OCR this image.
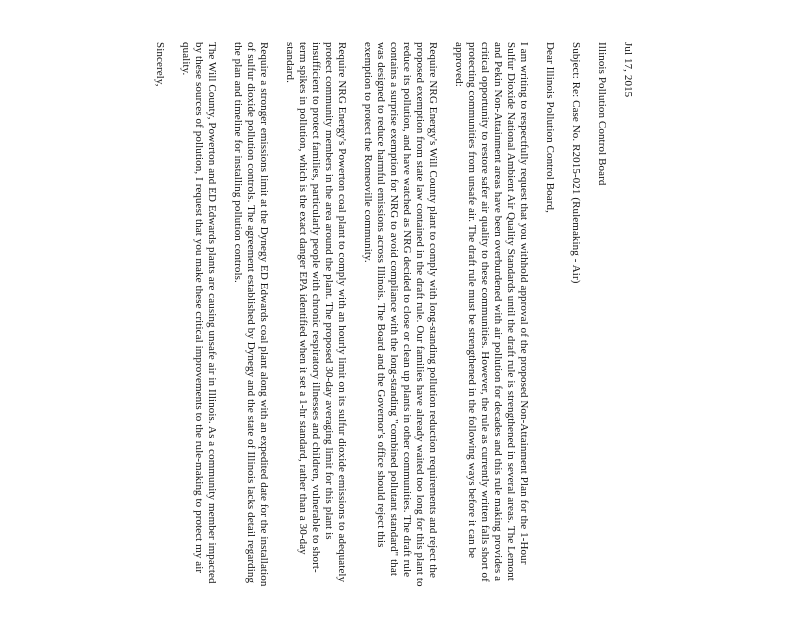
Jul 17, 2015

Illinois Pollution Control Board

Subject: Re: Case No. R2015-021 (Rulemaking - Air)

Dear Illinois Pollution Control Board,

I am writing to respectfully request that you withhold approval of the proposed Non-Attainment Plan for the 1-Hour Sulfur Dioxide National Ambient Air Quality Standards until the draft rule is strengthened in several areas. The Lemont and Pekin Non-Attainment areas have been overburdened with air pollution for decades and this rule making provides a critical opportunity to restore safer air quality to these communities. However, the rule as currently written falls short of protecting communities from unsafe air. The draft rule must be strengthened in the following ways before it can be approved:

Require NRG Energy's Will County plant to comply with long-standing pollution reduction requirements and reject the proposed exemption from state law contained in the draft rule. Our families have already waited too long for this plant to reduce its pollution, and have watched as NRG decided to close or clean up plants in other communities. The draft rule contains a surprise exemption for NRG to avoid compliance with the long-standing "combined pollutant standard" that was designed to reduce harmful emissions across Illinois. The Board and the Governor's office should reject this exemption to protect the Romeoville community.

Require NRG Energy's Powerton coal plant to comply with an hourly limit on its sulfur dioxide emissions to adequately protect community members in the area around the plant. The proposed 30-day averaging limit for this plant is insufficient to protect families, particularly people with chronic respiratory illnesses and children, vulnerable to short-term spikes in pollution, which is the exact danger EPA identified when it set a 1-hr standard, rather than a 30-day standard.

Require a stronger emissions limit at the Dynegy ED Edwards coal plant along with an expedited date for the installation of sulfur dioxide pollution controls. The agreement established by Dynegy and the state of Illinois lacks detail regarding the plan and timeline for installing pollution controls.

The Will County, Powerton and ED Edwards plants are causing unsafe air in Illinois. As a community member impacted by these sources of pollution, I request that you make these critical improvements to the rule-making to protect my air quality.

Sincerely,
